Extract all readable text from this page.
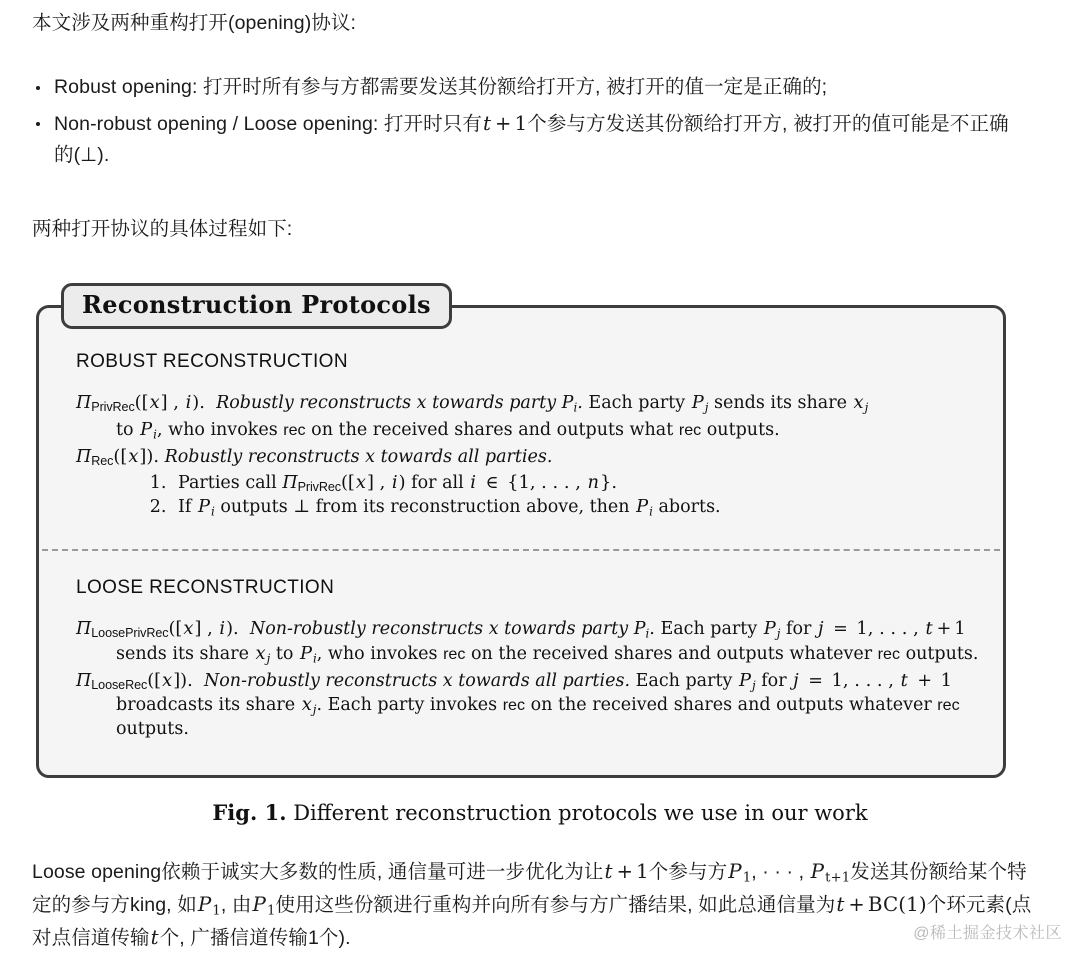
本文涉及两种重构打开(opening)协议:
Robust opening: 打开时所有参与方都需要发送其份额给打开方, 被打开的值一定是正确的;
Non-robust opening / Loose opening: 打开时只有t + 1个参与方发送其份额给打开方, 被打开的值可能是不正确的(⊥).
两种打开协议的具体过程如下:
Reconstruction Protocols
ROBUST RECONSTRUCTION

ΠPrivRec([x] , i).  Robustly reconstructs x towards party $P_i$. Each party $P_j$ sends its share $x_j$

to $P_i$, who invokes rec on the received shares and outputs what rec outputs.

ΠRec([x]). Robustly reconstructs x towards all parties.

1. Parties call ΠPrivRec([x] , i) for all i ∈ {1, . . . , n}.
2. If $P_i$ outputs ⊥ from its reconstruction above, then $P_i$ aborts.
LOOSE RECONSTRUCTION

ΠLoosePrivRec([x] , i).  Non-robustly reconstructs x towards party $P_i$. Each party $P_j$ for j = 1, . . . , t + 1 sends its share $x_j$ to $P_i$, who invokes rec on the received shares and outputs whatever rec outputs.

ΠLooseRec([x]).  Non-robustly reconstructs x towards all parties. Each party $P_j$ for j = 1, . . . , t + 1 broadcasts its share $x_j$. Each party invokes rec on the received shares and outputs whatever rec outputs.

Fig. 1. Different reconstruction protocols we use in our work
Loose opening依赖于诚实大多数的性质, 通信量可进一步优化为让t + 1个参与方$P_1$, · · · , $P_{t+1}$发送其份额给某个特定的参与方king, 如$P_1$, 由$P_1$使用这些份额进行重构并向所有参与方广播结果, 如此总通信量为t + BC(1)个环元素(点对点信道传输t个, 广播信道传输1个).	@稀土掘金技术社区
